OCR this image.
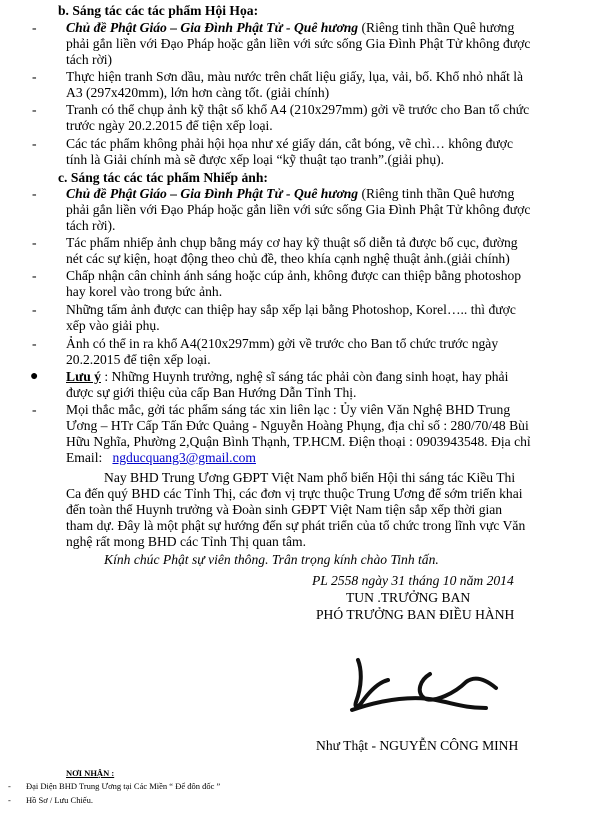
b. Sáng tác các tác phẩm Hội Họa:
- Chủ đề Phật Giáo – Gia Đình Phật Tử - Quê hương (Riêng tinh thần Quê hương
phải gắn liền với Đạo Pháp hoặc gắn liền với sức sống Gia Đình Phật Tử không được
tách rời)
- Thực hiện tranh Sơn dầu, màu nước trên chất liệu giấy, lụa, vải, bố. Khổ nhỏ nhất là
A3 (297x420mm), lớn hơn càng tốt. (giải chính)
- Tranh có thể chụp ảnh kỹ thật số khổ A4 (210x297mm) gởi về trước cho Ban tổ chức
trước ngày 20.2.2015 để tiện xếp loại.
- Các tác phẩm không phải hội họa như xé giấy dán, cắt bóng, vẽ chì… không được
tính là Giải chính mà sẽ được xếp loại “kỹ thuật tạo tranh”.(giải phụ).
c. Sáng tác các tác phẩm Nhiếp ảnh:
- Chủ đề Phật Giáo – Gia Đình Phật Tử - Quê hương (Riêng tinh thần Quê hương
phải gắn liền với Đạo Pháp hoặc gắn liền với sức sống Gia Đình Phật Tử không được
tách rời).
- Tác phẩm nhiếp ảnh chụp bằng máy cơ hay kỹ thuật số diễn tả được bố cục, đường
nét các sự kiện, hoạt động theo chủ đề, theo khía cạnh nghệ thuật ảnh.(giải chính)
- Chấp nhận cân chỉnh ánh sáng hoặc cúp ảnh, không được can thiệp bằng photoshop
hay korel vào trong bức ảnh.
- Những tấm ảnh được can thiệp hay sắp xếp lại bằng Photoshop, Korel….. thì được
xếp vào giải phụ.
- Ảnh có thể in ra khổ A4(210x297mm) gởi về trước cho Ban tổ chức trước ngày
20.2.2015 để tiện xếp loại.
● Lưu ý : Những Huynh trưởng, nghệ sĩ sáng tác phải còn đang sinh hoạt, hay phải
được sự giới thiệu của cấp Ban Hướng Dẫn Tỉnh Thị.
- Mọi thắc mắc, gởi tác phẩm sáng tác xin liên lạc : Ủy viên Văn Nghệ BHD Trung
Ương – HTr Cấp Tấn Đức Quảng - Nguyễn Hoàng Phụng, địa chỉ số : 280/70/48 Bùi
Hữu Nghĩa, Phường 2,Quận Bình Thạnh, TP.HCM. Điện thoại : 0903943548. Địa chỉ
Email: ngducquang3@gmail.com
Nay BHD Trung Ương GĐPT Việt Nam phổ biến Hội thi sáng tác Kiều Thi
Ca đến quý BHD các Tỉnh Thị, các đơn vị trực thuộc Trung Ương để sớm triển khai
đến toàn thể Huynh trưởng và Đoàn sinh GĐPT Việt Nam tiện sắp xếp thời gian
tham dự. Đây là một phật sự hướng đến sự phát triển của tổ chức trong lĩnh vực Văn
nghệ rất mong BHD các Tỉnh Thị quan tâm.
Kính chúc Phật sự viên thông. Trân trọng kính chào Tinh tấn.
PL 2558 ngày 31 tháng 10 năm 2014
TUN .TRƯỞNG BAN
PHÓ TRƯỞNG BAN ĐIỀU HÀNH
Như Thật - NGUYỄN CÔNG MINH
NƠI NHẬN :
- Đại Diện BHD Trung Ương tại Các Miền “ Để đôn đốc ”
- Hồ Sơ / Lưu Chiếu.
